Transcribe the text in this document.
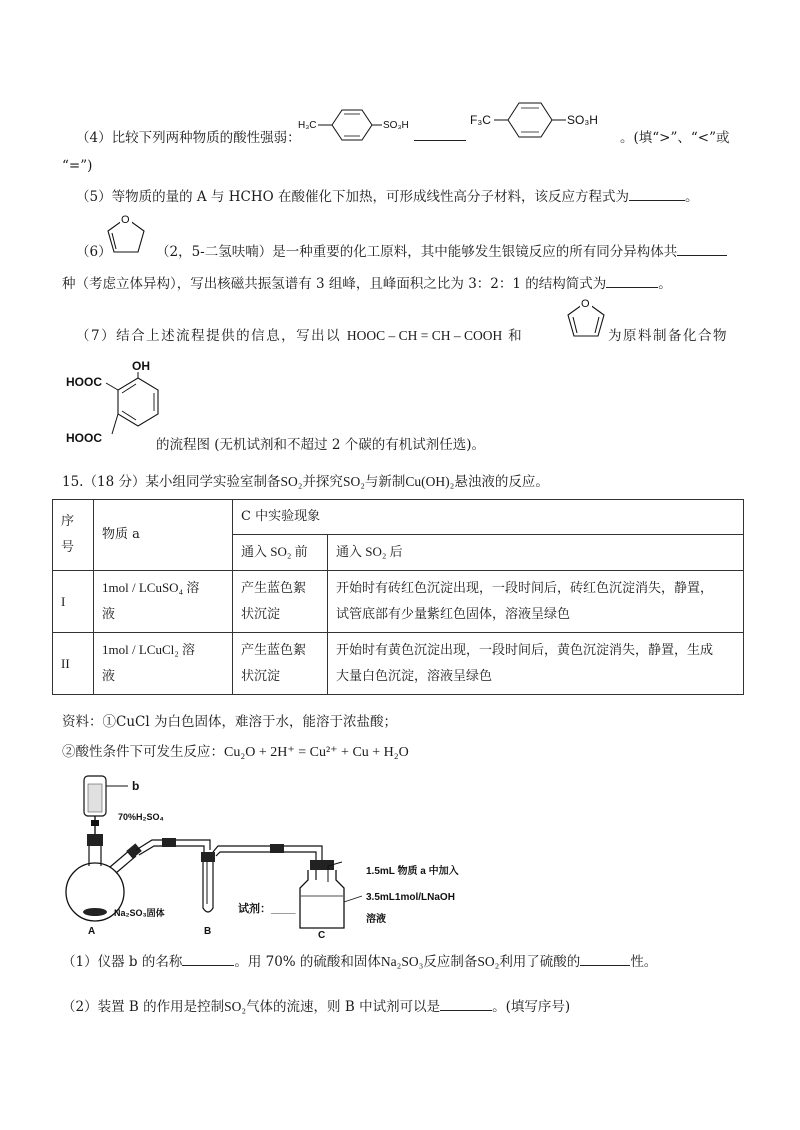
（4）比较下列两种物质的酸性强弱：
H₃C	SO₃H	F₃C	SO₃H
。(填“>”、“<”或
“=”)
（5）等物质的量的 A 与 HCHO 在酸催化下加热，可形成线性高分子材料，该反应方程式为	。
（6）
O
（2，5-二氢呋喃）是一种重要的化工原料，其中能够发生银镜反应的所有同分异构体共
种（考虑立体异构），写出核磁共振氢谱有 3 组峰，且峰面积之比为 3：2：1 的结构简式为	。
（7）结合上述流程提供的信息，写出以 HOOC – CH = CH – COOH 和
O
为原料制备化合物
OH
HOOC
HOOC	的流程图 (无机试剂和不超过 2 个碳的有机试剂任选)。
15.（18 分）某小组同学实验室制备SO₂并探究SO₂与新制Cu(OH)₂悬浊液的反应。
序号	物质 a	C 中实验现象	
		通入 SO₂ 前	通入 SO₂ 后
I	1mol / LCuSO₄ 溶
液	产生蓝色絮
状沉淀	开始时有砖红色沉淀出现，一段时间后，砖红色沉淀消失，静置，
试管底部有少量紫红色固体，溶液呈绿色
II	1mol / LCuCl₂ 溶
液	产生蓝色絮
状沉淀	开始时有黄色沉淀出现，一段时间后，黄色沉淀消失，静置，生成
大量白色沉淀，溶液呈绿色
资料：①CuCl 为白色固体，难溶于水，能溶于浓盐酸；
②酸性条件下可发生反应：Cu₂O + 2H⁺ = Cu²⁺ + Cu + H₂O
b
70%H₂SO₄
Na₂SO₃固体	试剂：____
1.5mL 物质 a 中加入
3.5mL1mol/LNaOH
溶液
A	B	C
（1）仪器 b 的名称	。用 70% 的硫酸和固体Na₂SO₃反应制备SO₂利用了硫酸的	性。
（2）装置 B 的作用是控制SO₂气体的流速，则 B 中试剂可以是	。(填写序号)
